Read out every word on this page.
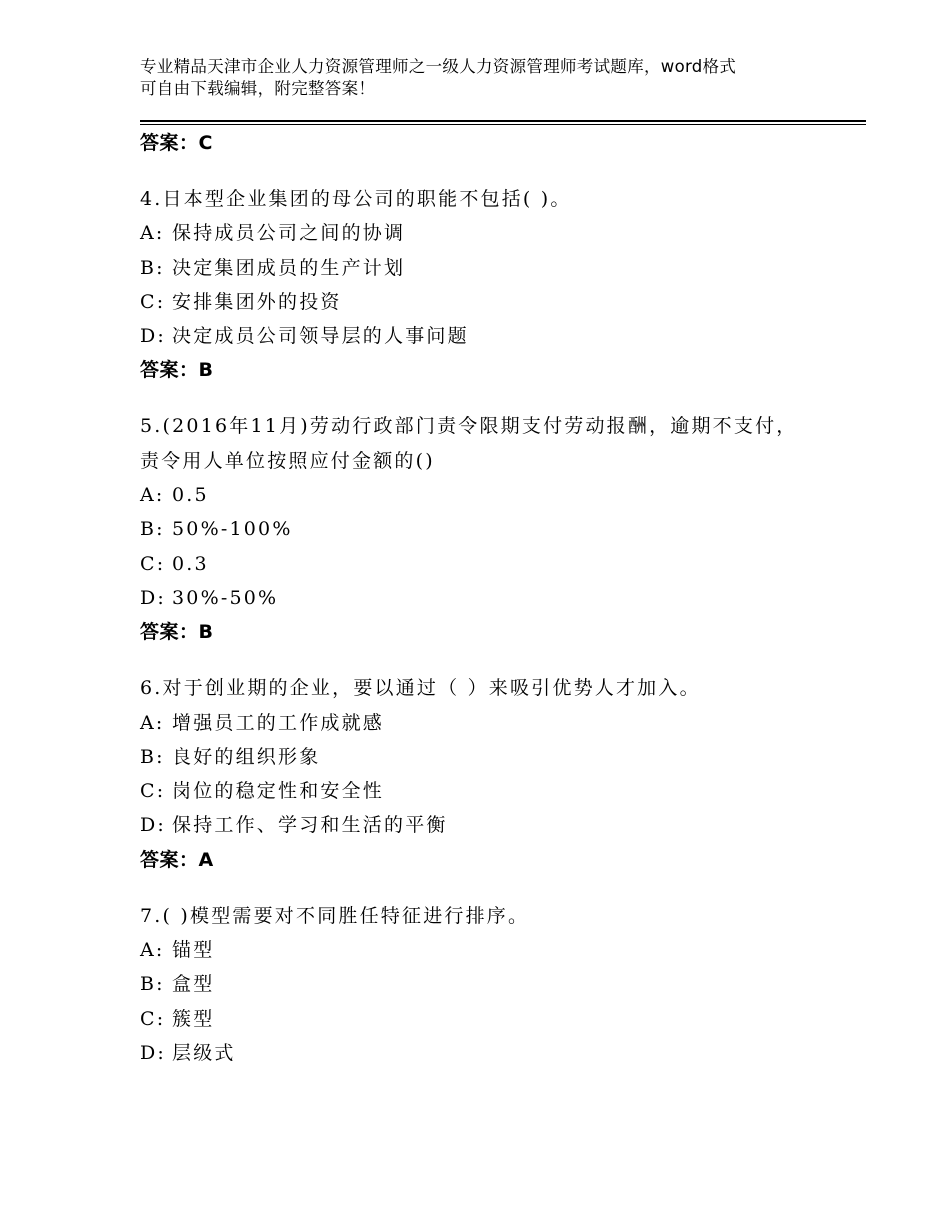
专业精品天津市企业人力资源管理师之一级人力资源管理师考试题库，word格式
可自由下载编辑，附完整答案！
答案：C
4.日本型企业集团的母公司的职能不包括( )。
A: 保持成员公司之间的协调
B: 决定集团成员的生产计划
C: 安排集团外的投资
D: 决定成员公司领导层的人事问题
答案：B
5.(2016年11月)劳动行政部门责令限期支付劳动报酬，逾期不支付，
责令用人单位按照应付金额的()
A: 0.5
B: 50%-100%
C: 0.3
D: 30%-50%
答案：B
6.对于创业期的企业，要以通过（ ）来吸引优势人才加入。
A: 增强员工的工作成就感
B: 良好的组织形象
C: 岗位的稳定性和安全性
D: 保持工作、学习和生活的平衡
答案：A
7.( )模型需要对不同胜任特征进行排序。
A: 锚型
B: 盒型
C: 簇型
D: 层级式
